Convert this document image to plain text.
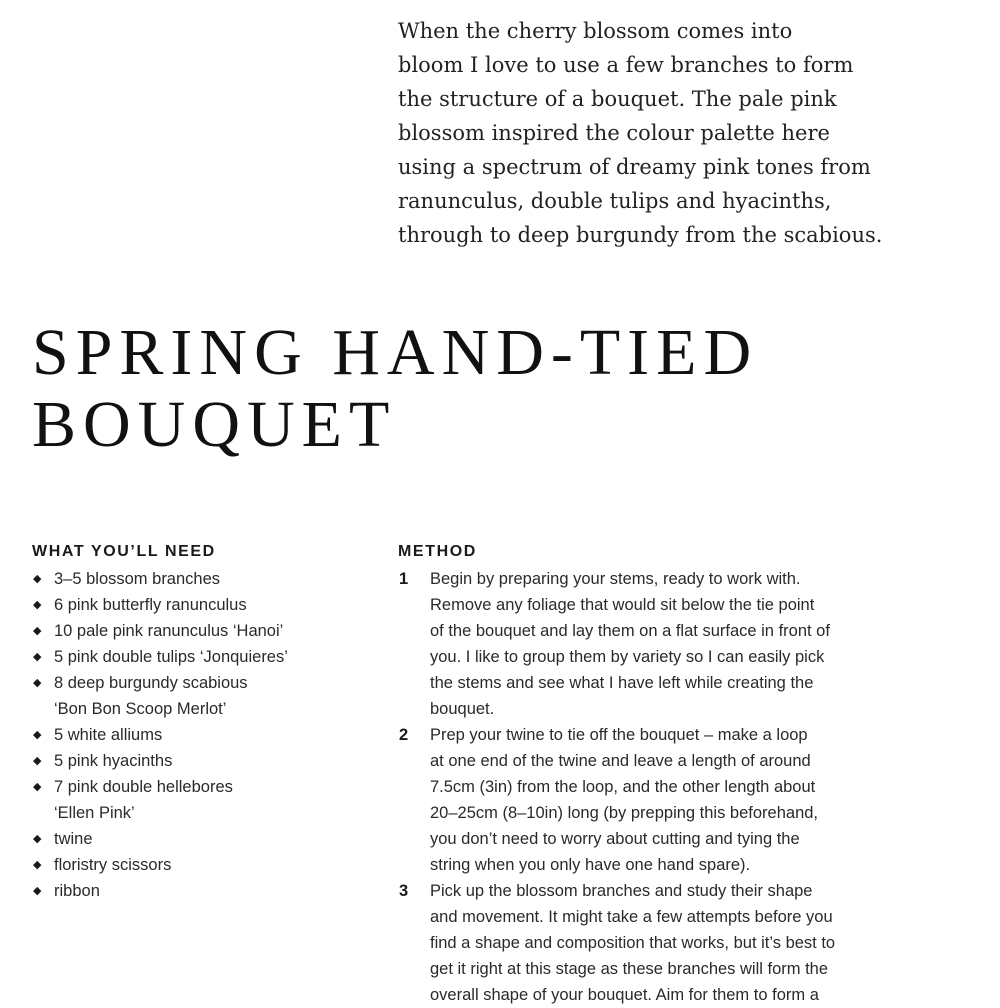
When the cherry blossom comes into
bloom I love to use a few branches to form
the structure of a bouquet. The pale pink
blossom inspired the colour palette here
using a spectrum of dreamy pink tones from
ranunculus, double tulips and hyacinths,
through to deep burgundy from the scabious.
SPRING HAND-TIED
BOUQUET
WHAT YOU’LL NEED
◆ 3–5 blossom branches
◆ 6 pink butterfly ranunculus
◆ 10 pale pink ranunculus ‘Hanoi’
◆ 5 pink double tulips ‘Jonquieres’
◆ 8 deep burgundy scabious
‘Bon Bon Scoop Merlot’
◆ 5 white alliums
◆ 5 pink hyacinths
◆ 7 pink double hellebores
‘Ellen Pink’
◆ twine
◆ floristry scissors
◆ ribbon
METHOD
1 Begin by preparing your stems, ready to work with.
Remove any foliage that would sit below the tie point
of the bouquet and lay them on a flat surface in front of
you. I like to group them by variety so I can easily pick
the stems and see what I have left while creating the
bouquet.
2 Prep your twine to tie off the bouquet – make a loop
at one end of the twine and leave a length of around
7.5cm (3in) from the loop, and the other length about
20–25cm (8–10in) long (by prepping this beforehand,
you don’t need to worry about cutting and tying the
string when you only have one hand spare).
3 Pick up the blossom branches and study their shape
and movement. It might take a few attempts before you
find a shape and composition that works, but it’s best to
get it right at this stage as these branches will form the
overall shape of your bouquet. Aim for them to form a
